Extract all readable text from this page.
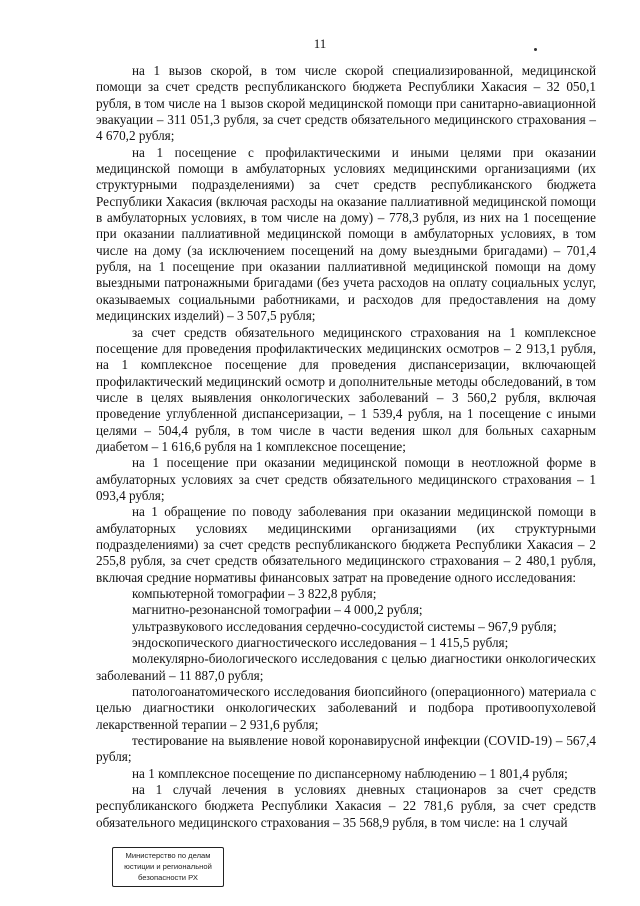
11

на 1 вызов скорой, в том числе скорой специализированной, медицинской помощи за счет средств республиканского бюджета Республики Хакасия – 32 050,1 рубля, в том числе на 1 вызов скорой медицинской помощи при санитарно-авиационной эвакуации – 311 051,3 рубля, за счет средств обязательного медицинского страхования – 4 670,2 рубля;

на 1 посещение с профилактическими и иными целями при оказании медицинской помощи в амбулаторных условиях медицинскими организациями (их структурными подразделениями) за счет средств республиканского бюджета Республики Хакасия (включая расходы на оказание паллиативной медицинской помощи в амбулаторных условиях, в том числе на дому) – 778,3 рубля, из них на 1 посещение при оказании паллиативной медицинской помощи в амбулаторных условиях, в том числе на дому (за исключением посещений на дому выездными бригадами) – 701,4 рубля, на 1 посещение при оказании паллиативной медицинской помощи на дому выездными патронажными бригадами (без учета расходов на оплату социальных услуг, оказываемых социальными работниками, и расходов для предоставления на дому медицинских изделий) – 3 507,5 рубля;

за счет средств обязательного медицинского страхования на 1 комплексное посещение для проведения профилактических медицинских осмотров – 2 913,1 рубля, на 1 комплексное посещение для проведения диспансеризации, включающей профилактический медицинский осмотр и дополнительные методы обследований, в том числе в целях выявления онкологических заболеваний – 3 560,2 рубля, включая проведение углубленной диспансеризации, – 1 539,4 рубля, на 1 посещение с иными целями – 504,4 рубля, в том числе в части ведения школ для больных сахарным диабетом – 1 616,6 рубля на 1 комплексное посещение;

на 1 посещение при оказании медицинской помощи в неотложной форме в амбулаторных условиях за счет средств обязательного медицинского страхования – 1 093,4 рубля;

на 1 обращение по поводу заболевания при оказании медицинской помощи в амбулаторных условиях медицинскими организациями (их структурными подразделениями) за счет средств республиканского бюджета Республики Хакасия – 2 255,8 рубля, за счет средств обязательного медицинского страхования – 2 480,1 рубля, включая средние нормативы финансовых затрат на проведение одного исследования:

компьютерной томографии – 3 822,8 рубля;

магнитно-резонансной томографии – 4 000,2 рубля;

ультразвукового исследования сердечно-сосудистой системы – 967,9 рубля;

эндоскопического диагностического исследования – 1 415,5 рубля;

молекулярно-биологического исследования с целью диагностики онкологических заболеваний – 11 887,0 рубля;

патологоанатомического исследования биопсийного (операционного) материала с целью диагностики онкологических заболеваний и подбора противоопухолевой лекарственной терапии – 2 931,6 рубля;

тестирование на выявление новой коронавирусной инфекции (COVID-19) – 567,4 рубля;

на 1 комплексное посещение по диспансерному наблюдению – 1 801,4 рубля;

на 1 случай лечения в условиях дневных стационаров за счет средств республиканского бюджета Республики Хакасия – 22 781,6 рубля, за счет средств обязательного медицинского страхования – 35 568,9 рубля, в том числе: на 1 случай

Министерство по делам
юстиции и региональной
безопасности РХ
